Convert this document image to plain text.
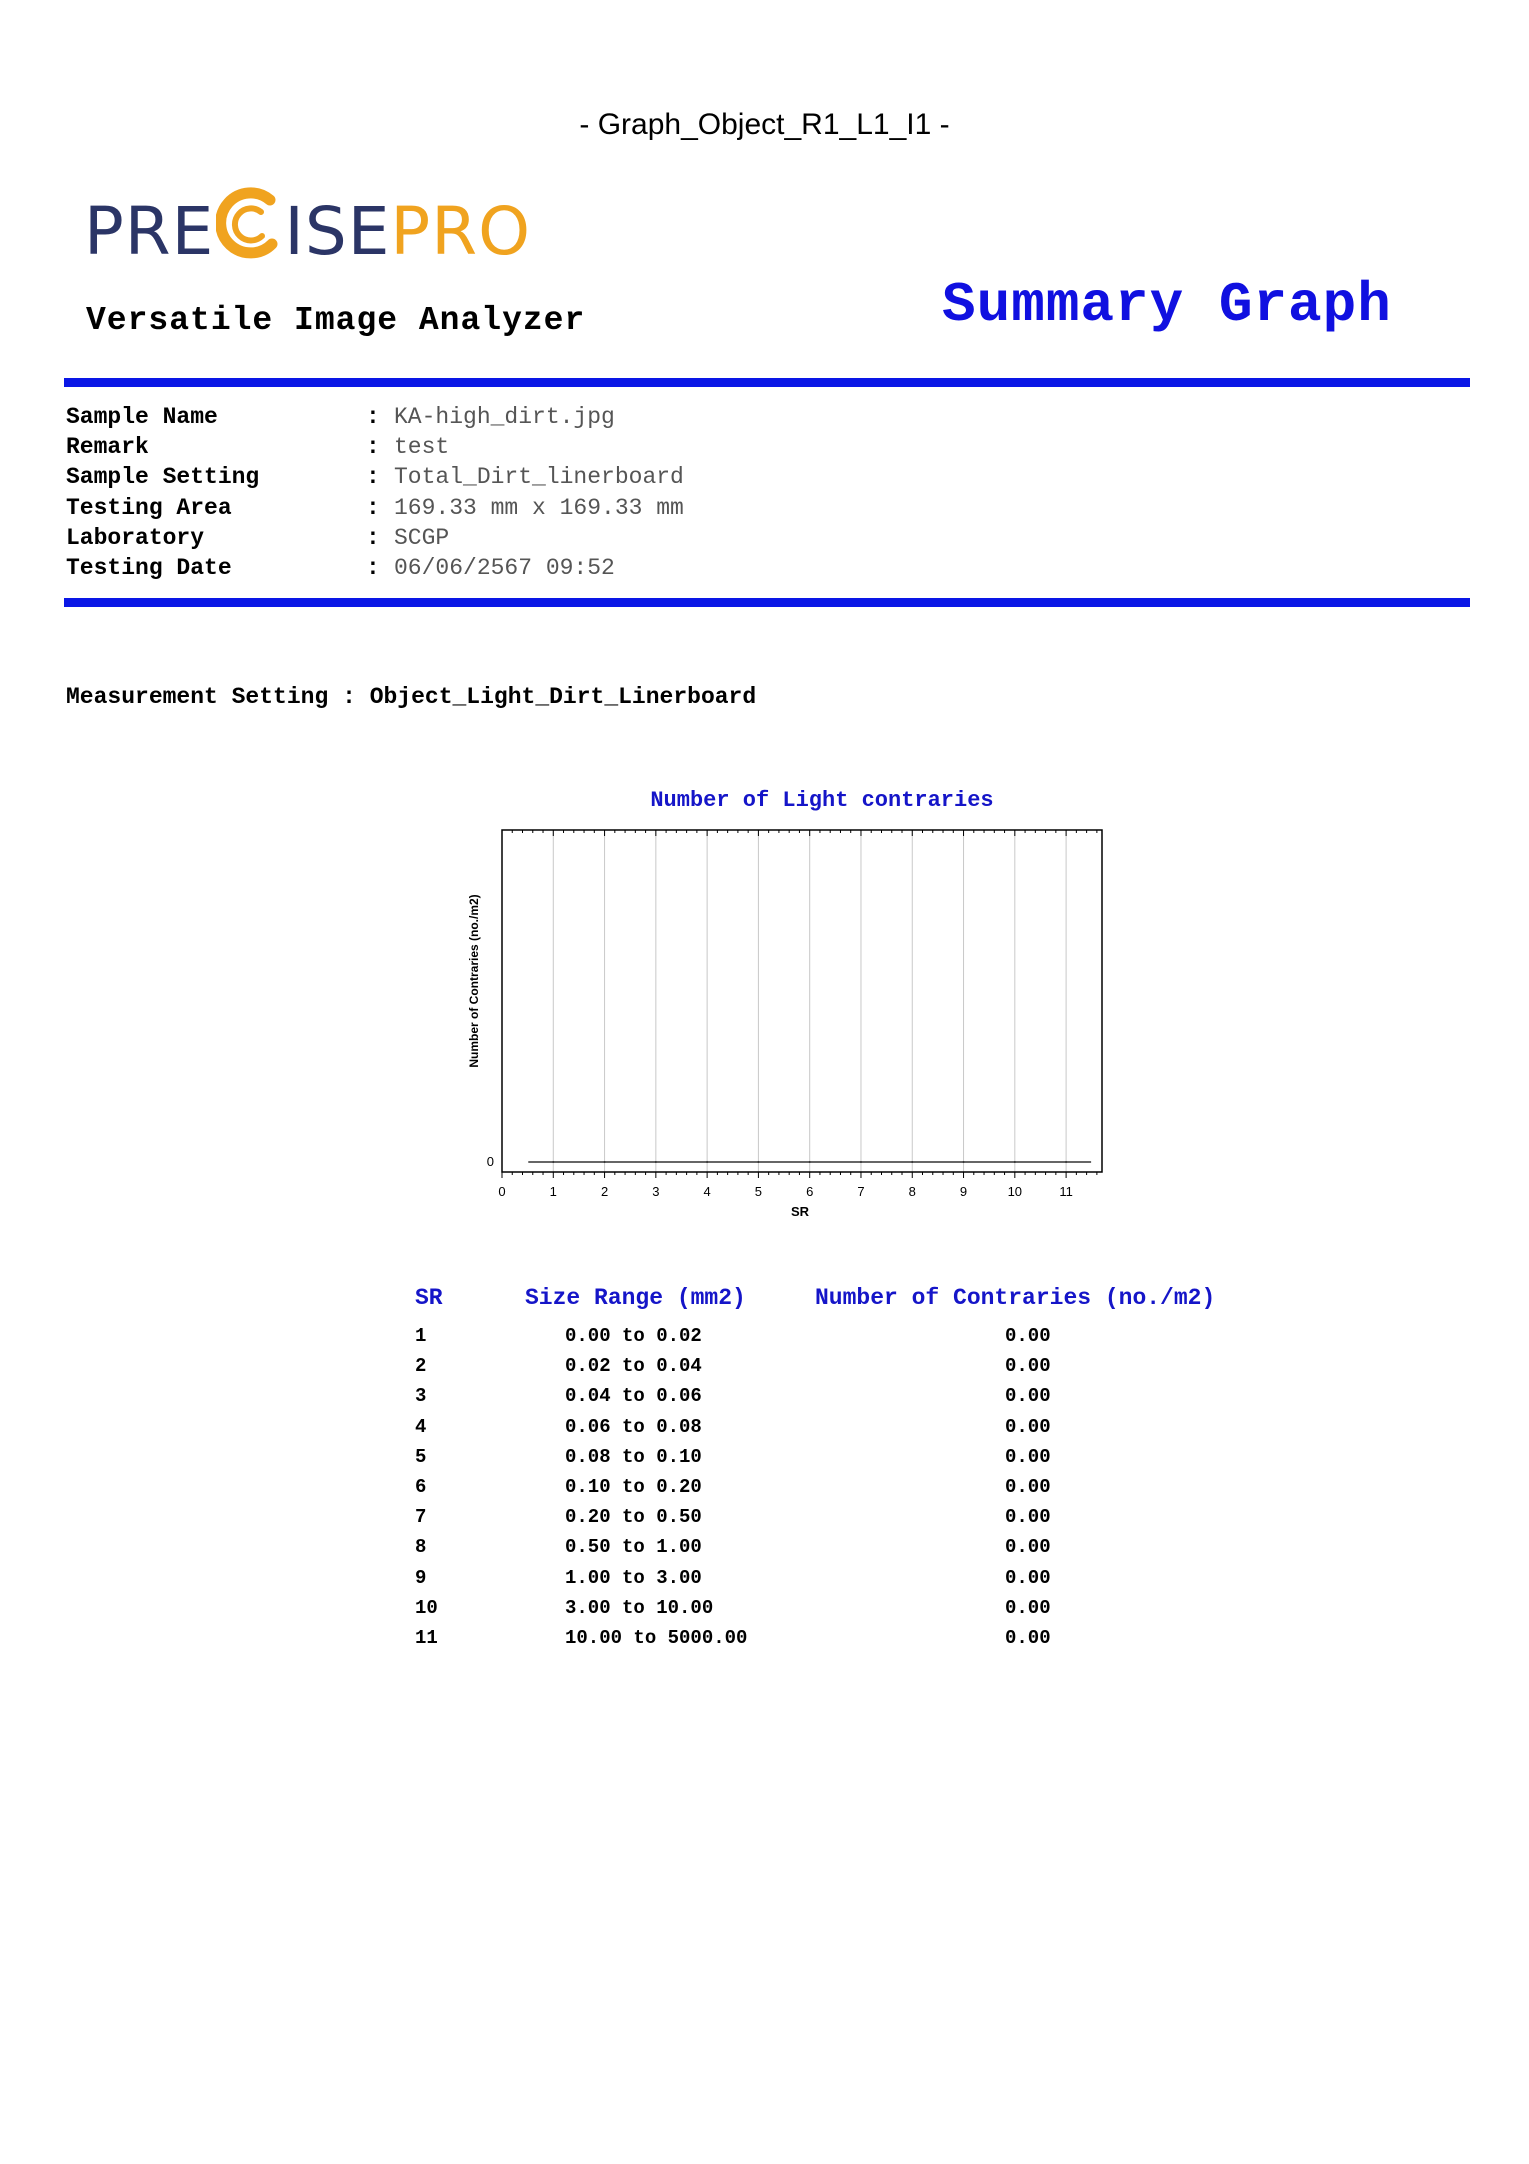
- Graph_Object_R1_L1_I1 -
PRE ISEPRO
Versatile Image Analyzer	Summary Graph
Sample Name	: KA-high_dirt.jpg
Remark	: test
Sample Setting	: Total_Dirt_linerboard
Testing Area	: 169.33 mm x 169.33 mm
Laboratory	: SCGP
Testing Date	: 06/06/2567 09:52
Measurement Setting : Object_Light_Dirt_Linerboard
Number of Light contraries
0	1	2	3	4	5	6	7	8	9	10	11
0
SR
Number of Contraries (no./m2)
SR	Size Range (mm2)	Number of Contraries (no./m2)
1	0.00 to 0.02	0.00
2	0.02 to 0.04	0.00
3	0.04 to 0.06	0.00
4	0.06 to 0.08	0.00
5	0.08 to 0.10	0.00
6	0.10 to 0.20	0.00
7	0.20 to 0.50	0.00
8	0.50 to 1.00	0.00
9	1.00 to 3.00	0.00
10	3.00 to 10.00	0.00
11	10.00 to 5000.00	0.00
